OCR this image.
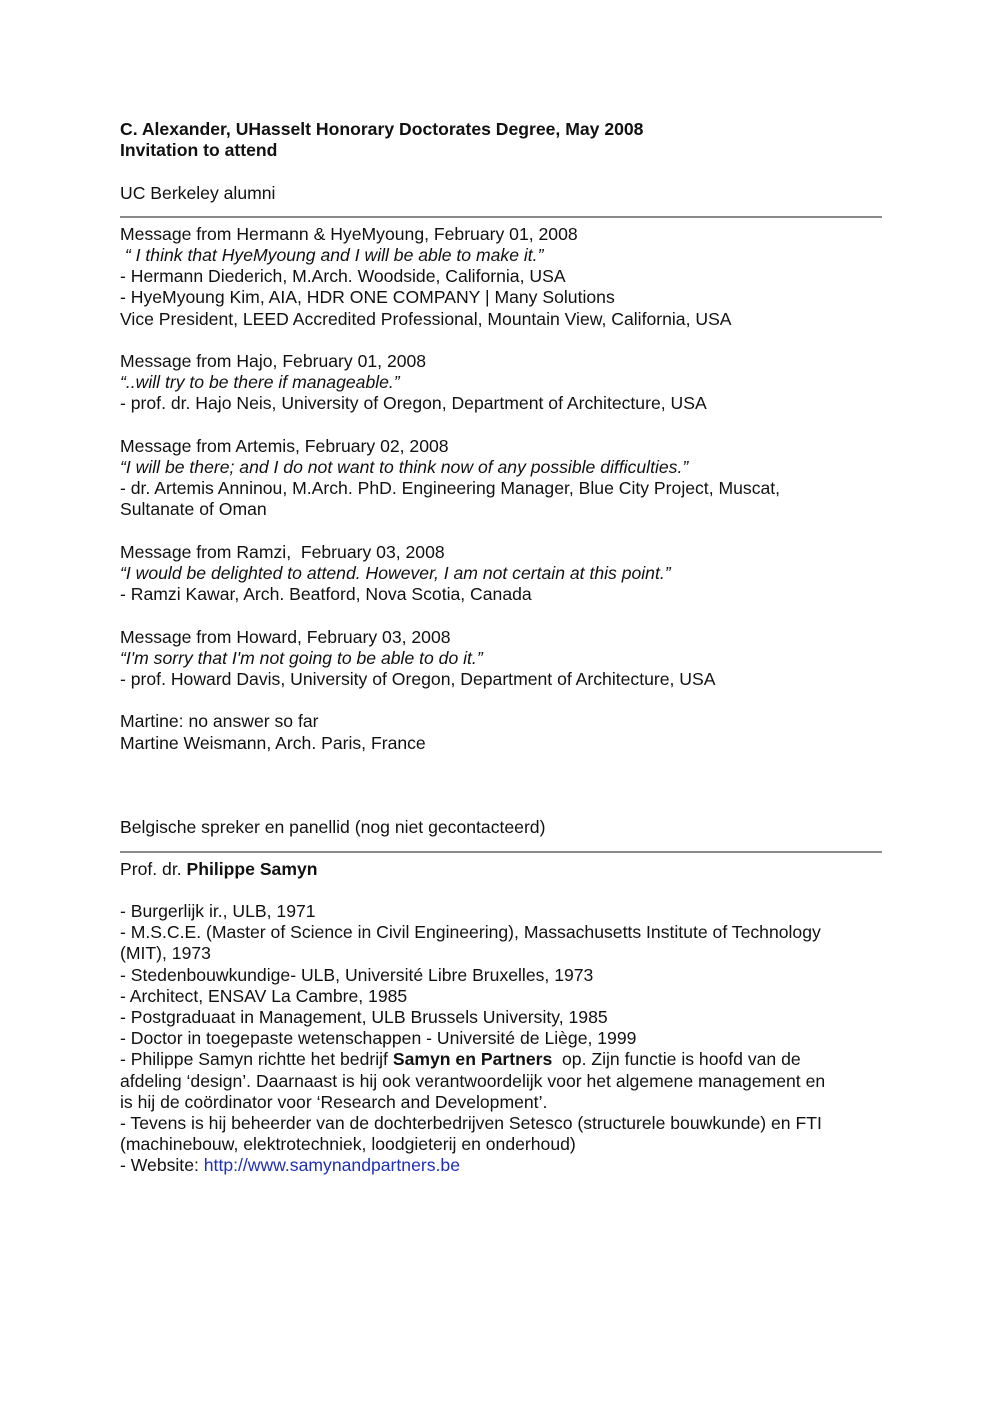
C. Alexander, UHasselt Honorary Doctorates Degree, May 2008

Invitation to attend

UC Berkeley alumni

Message from Hermann & HyeMyoung, February 01, 2008

“ I think that HyeMyoung and I will be able to make it.”

- Hermann Diederich, M.Arch. Woodside, California, USA

- HyeMyoung Kim, AIA, HDR ONE COMPANY | Many Solutions

Vice President, LEED Accredited Professional, Mountain View, California, USA

Message from Hajo, February 01, 2008

“..will try to be there if manageable.”

- prof. dr. Hajo Neis, University of Oregon, Department of Architecture, USA

Message from Artemis, February 02, 2008

“I will be there; and I do not want to think now of any possible difficulties.”

- dr. Artemis Anninou, M.Arch. PhD. Engineering Manager, Blue City Project, Muscat,

Sultanate of Oman

Message from Ramzi,  February 03, 2008

“I would be delighted to attend. However, I am not certain at this point.”

- Ramzi Kawar, Arch. Beatford, Nova Scotia, Canada

Message from Howard, February 03, 2008

“I'm sorry that I'm not going to be able to do it.”

- prof. Howard Davis, University of Oregon, Department of Architecture, USA

Martine: no answer so far

Martine Weismann, Arch. Paris, France

Belgische spreker en panellid (nog niet gecontacteerd)

Prof. dr. Philippe Samyn

- Burgerlijk ir., ULB, 1971

- M.S.C.E. (Master of Science in Civil Engineering), Massachusetts Institute of Technology

(MIT), 1973

- Stedenbouwkundige- ULB, Université Libre Bruxelles, 1973

- Architect, ENSAV La Cambre, 1985

- Postgraduaat in Management, ULB Brussels University, 1985

- Doctor in toegepaste wetenschappen - Université de Liège, 1999

- Philippe Samyn richtte het bedrijf Samyn en Partners  op. Zijn functie is hoofd van de

afdeling ‘design’. Daarnaast is hij ook verantwoordelijk voor het algemene management en

is hij de coördinator voor ‘Research and Development’.

- Tevens is hij beheerder van de dochterbedrijven Setesco (structurele bouwkunde) en FTI

(machinebouw, elektrotechniek, loodgieterij en onderhoud)

- Website: http://www.samynandpartners.be
